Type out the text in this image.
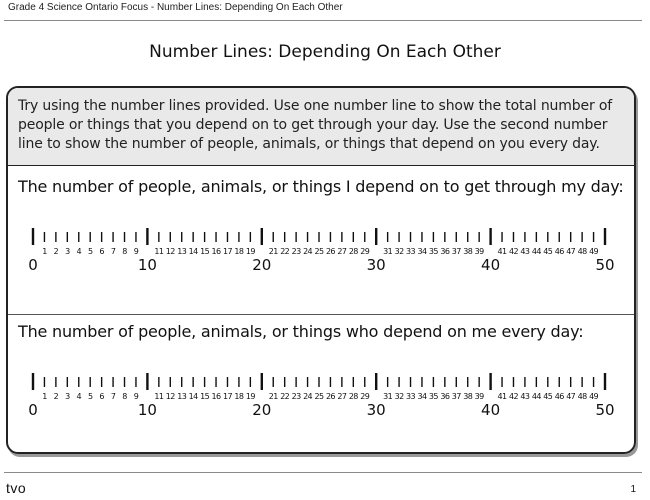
Grade 4 Science Ontario Focus - Number Lines: Depending On Each Other
Number Lines: Depending On Each Other
Try using the number lines provided. Use one number line to show the total number of people or things that you depend on to get through your day. Use the second number line to show the number of people, animals, or things that depend on you every day.
The number of people, animals, or things I depend on to get through my day:
0
1 2 3 4 5 6 7 8 9
10
11 12 13 14 15 16 17 18 19
20
21 22 23 24 25 26 27 28 29
30
31 32 33 34 35 36 37 38 39
40
41 42 43 44 45 46 47 48 49
50
The number of people, animals, or things who depend on me every day:
0
1 2 3 4 5 6 7 8 9
10
11 12 13 14 15 16 17 18 19
20
21 22 23 24 25 26 27 28 29
30
31 32 33 34 35 36 37 38 39
40
41 42 43 44 45 46 47 48 49
50
tvo	1
